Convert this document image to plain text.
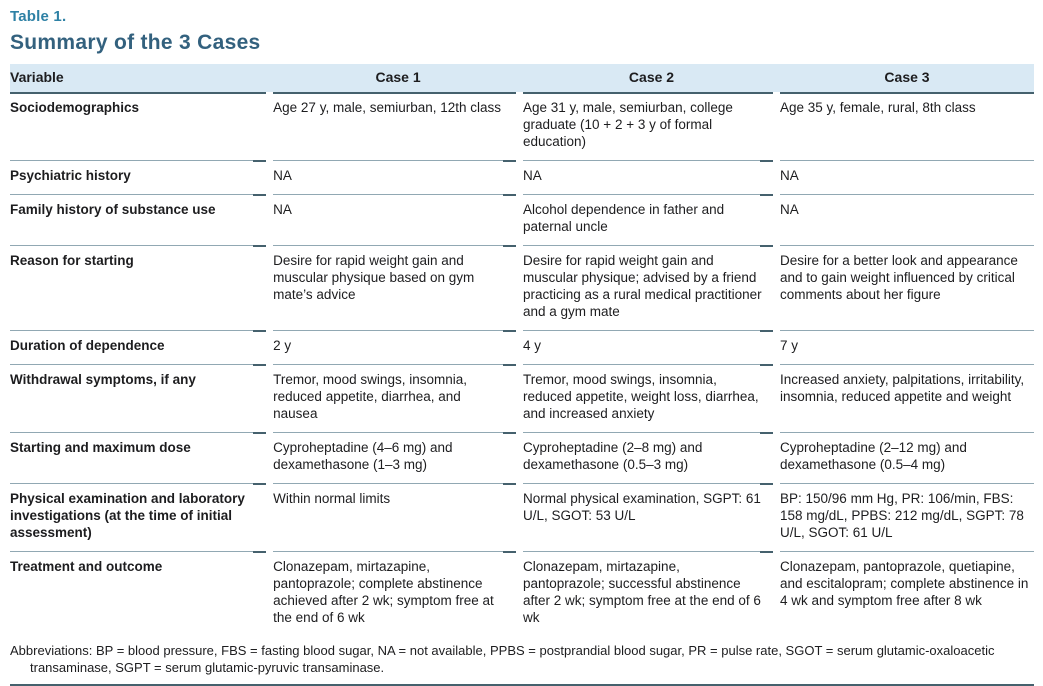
Table 1.
Summary of the 3 Cases
Variable	Case 1	Case 2	Case 3
Sociodemographics	Age 27 y, male, semiurban, 12th class	Age 31 y, male, semiurban, college graduate (10 + 2 + 3 y of formal education)	Age 35 y, female, rural, 8th class
Psychiatric history	NA	NA	NA
Family history of substance use	NA	Alcohol dependence in father and paternal uncle	NA
Reason for starting	Desire for rapid weight gain and muscular physique based on gym mate’s advice	Desire for rapid weight gain and muscular physique; advised by a friend practicing as a rural medical practitioner and a gym mate	Desire for a better look and appearance and to gain weight influenced by critical comments about her figure
Duration of dependence	2 y	4 y	7 y
Withdrawal symptoms, if any	Tremor, mood swings, insomnia, reduced appetite, diarrhea, and nausea	Tremor, mood swings, insomnia, reduced appetite, weight loss, diarrhea, and increased anxiety	Increased anxiety, palpitations, irritability, insomnia, reduced appetite and weight
Starting and maximum dose	Cyproheptadine (4–6 mg) and dexamethasone (1–3 mg)	Cyproheptadine (2–8 mg) and dexamethasone (0.5–3 mg)	Cyproheptadine (2–12 mg) and dexamethasone (0.5–4 mg)
Physical examination and laboratory investigations (at the time of initial assessment)	Within normal limits	Normal physical examination, SGPT: 61 U/L, SGOT: 53 U/L	BP: 150/96 mm Hg, PR: 106/min, FBS: 158 mg/dL, PPBS: 212 mg/dL, SGPT: 78 U/L, SGOT: 61 U/L
Treatment and outcome	Clonazepam, mirtazapine, pantoprazole; complete abstinence achieved after 2 wk; symptom free at the end of 6 wk	Clonazepam, mirtazapine, pantoprazole; successful abstinence after 2 wk; symptom free at the end of 6 wk	Clonazepam, pantoprazole, quetiapine, and escitalopram; complete abstinence in 4 wk and symptom free after 8 wk
Abbreviations: BP = blood pressure, FBS = fasting blood sugar, NA = not available, PPBS = postprandial blood sugar, PR = pulse rate, SGOT = serum glutamic-oxaloacetic transaminase, SGPT = serum glutamic-pyruvic transaminase.
